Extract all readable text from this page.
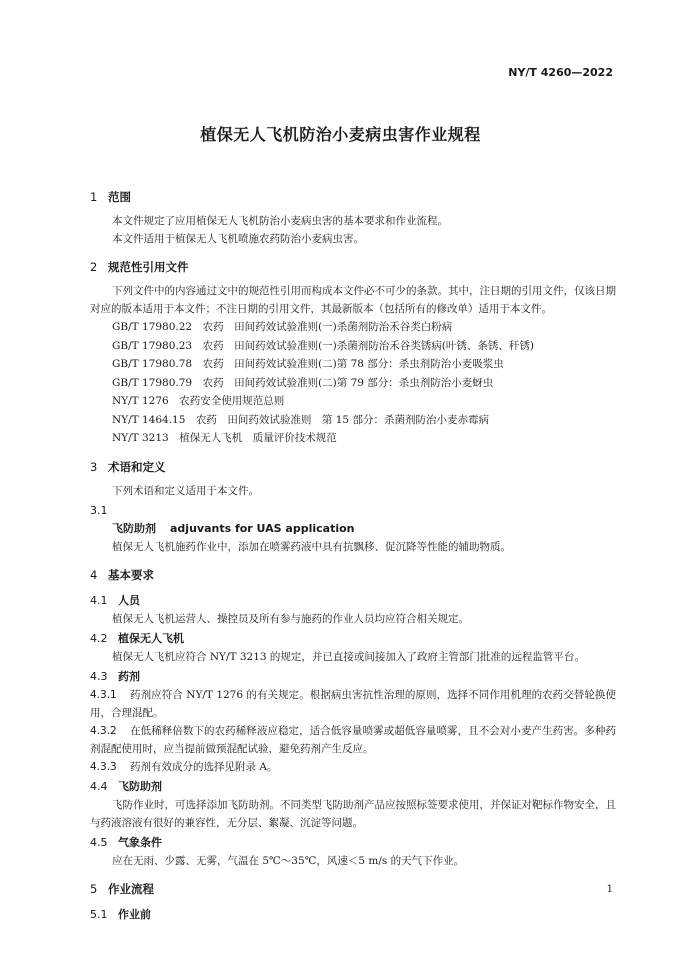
NY/T 4260—2022
植保无人飞机防治小麦病虫害作业规程
1 范围
本文件规定了应用植保无人飞机防治小麦病虫害的基本要求和作业流程。
本文件适用于植保无人飞机喷施农药防治小麦病虫害。
2 规范性引用文件
下列文件中的内容通过文中的规范性引用而构成本文件必不可少的条款。其中，注日期的引用文件，仅该日期对应的版本适用于本文件；不注日期的引用文件，其最新版本（包括所有的修改单）适用于本文件。
GB/T 17980.22　农药　田间药效试验准则(一)杀菌剂防治禾谷类白粉病
GB/T 17980.23　农药　田间药效试验准则(一)杀菌剂防治禾谷类锈病(叶锈、条锈、秆锈)
GB/T 17980.78　农药　田间药效试验准则(二)第 78 部分：杀虫剂防治小麦吸浆虫
GB/T 17980.79　农药　田间药效试验准则(二)第 79 部分：杀虫剂防治小麦蚜虫
NY/T 1276　农药安全使用规范总则
NY/T 1464.15　农药　田间药效试验准则　第 15 部分：杀菌剂防治小麦赤霉病
NY/T 3213　植保无人飞机　质量评价技术规范
3 术语和定义
下列术语和定义适用于本文件。
3.1
飞防助剂 adjuvants for UAS application
植保无人飞机施药作业中，添加在喷雾药液中具有抗飘移、促沉降等性能的辅助物质。
4 基本要求
4.1 人员
植保无人飞机运营人、操控员及所有参与施药的作业人员均应符合相关规定。
4.2 植保无人飞机
植保无人飞机应符合 NY/T 3213 的规定，并已直接或间接加入了政府主管部门批准的远程监管平台。
4.3 药剂
4.3.1 药剂应符合 NY/T 1276 的有关规定。根据病虫害抗性治理的原则，选择不同作用机理的农药交替轮换使用，合理混配。
4.3.2 在低稀释倍数下的农药稀释液应稳定，适合低容量喷雾或超低容量喷雾，且不会对小麦产生药害。多种药剂混配使用时，应当提前做预混配试验，避免药剂产生反应。
4.3.3 药剂有效成分的选择见附录 A。
4.4 飞防助剂
飞防作业时，可选择添加飞防助剂。不同类型飞防助剂产品应按照标签要求使用，并保证对靶标作物安全，且与药液溶液有很好的兼容性，无分层、絮凝、沉淀等问题。
4.5 气象条件
应在无雨、少露、无雾，气温在 5℃～35℃，风速＜5 m/s 的天气下作业。
5 作业流程
5.1 作业前
1
